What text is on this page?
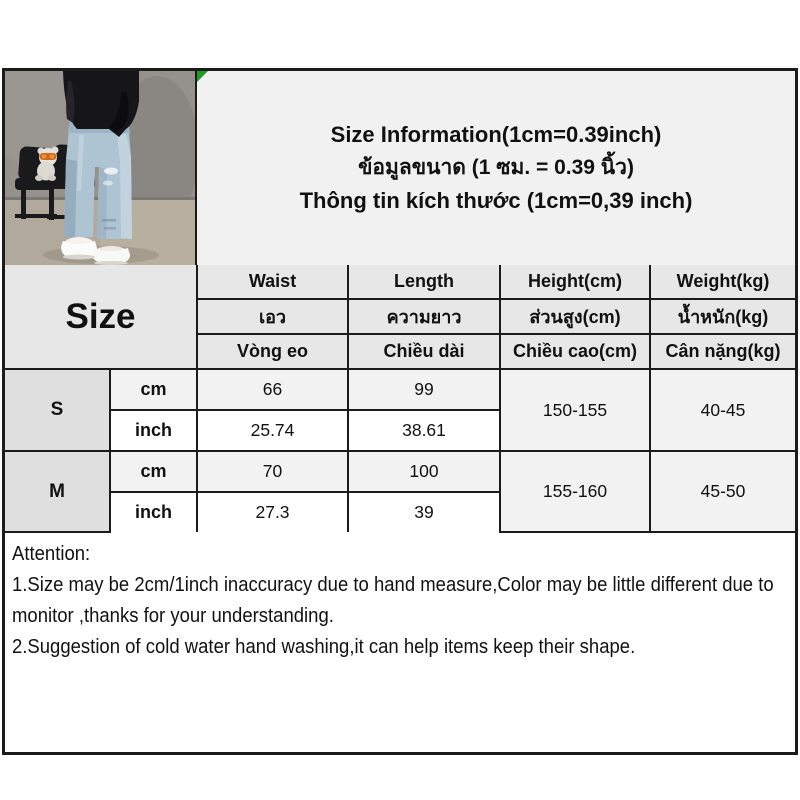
Size Information(1cm=0.39inch)
ข้อมูลขนาด (1 ซม. = 0.39 นิ้ว)
Thông tin kích thước (1cm=0,39 inch)
Size		Waist	Length	Height(cm)	Weight(kg)
		เอว	ความยาว	ส่วนสูง(cm)	น้ำหนัก(kg)
		Vòng eo	Chiều dài	Chiều cao(cm)	Cân nặng(kg)
S	cm	66	99	150-155	40-45
	inch	25.74	38.61		
M	cm	70	100	155-160	45-50
	inch	27.3	39		
Attention:
1.Size may be 2cm/1inch inaccuracy due to hand measure,Color may be little different due to monitor ,thanks for your understanding.
2.Suggestion of cold water hand washing,it can help items keep their shape.
